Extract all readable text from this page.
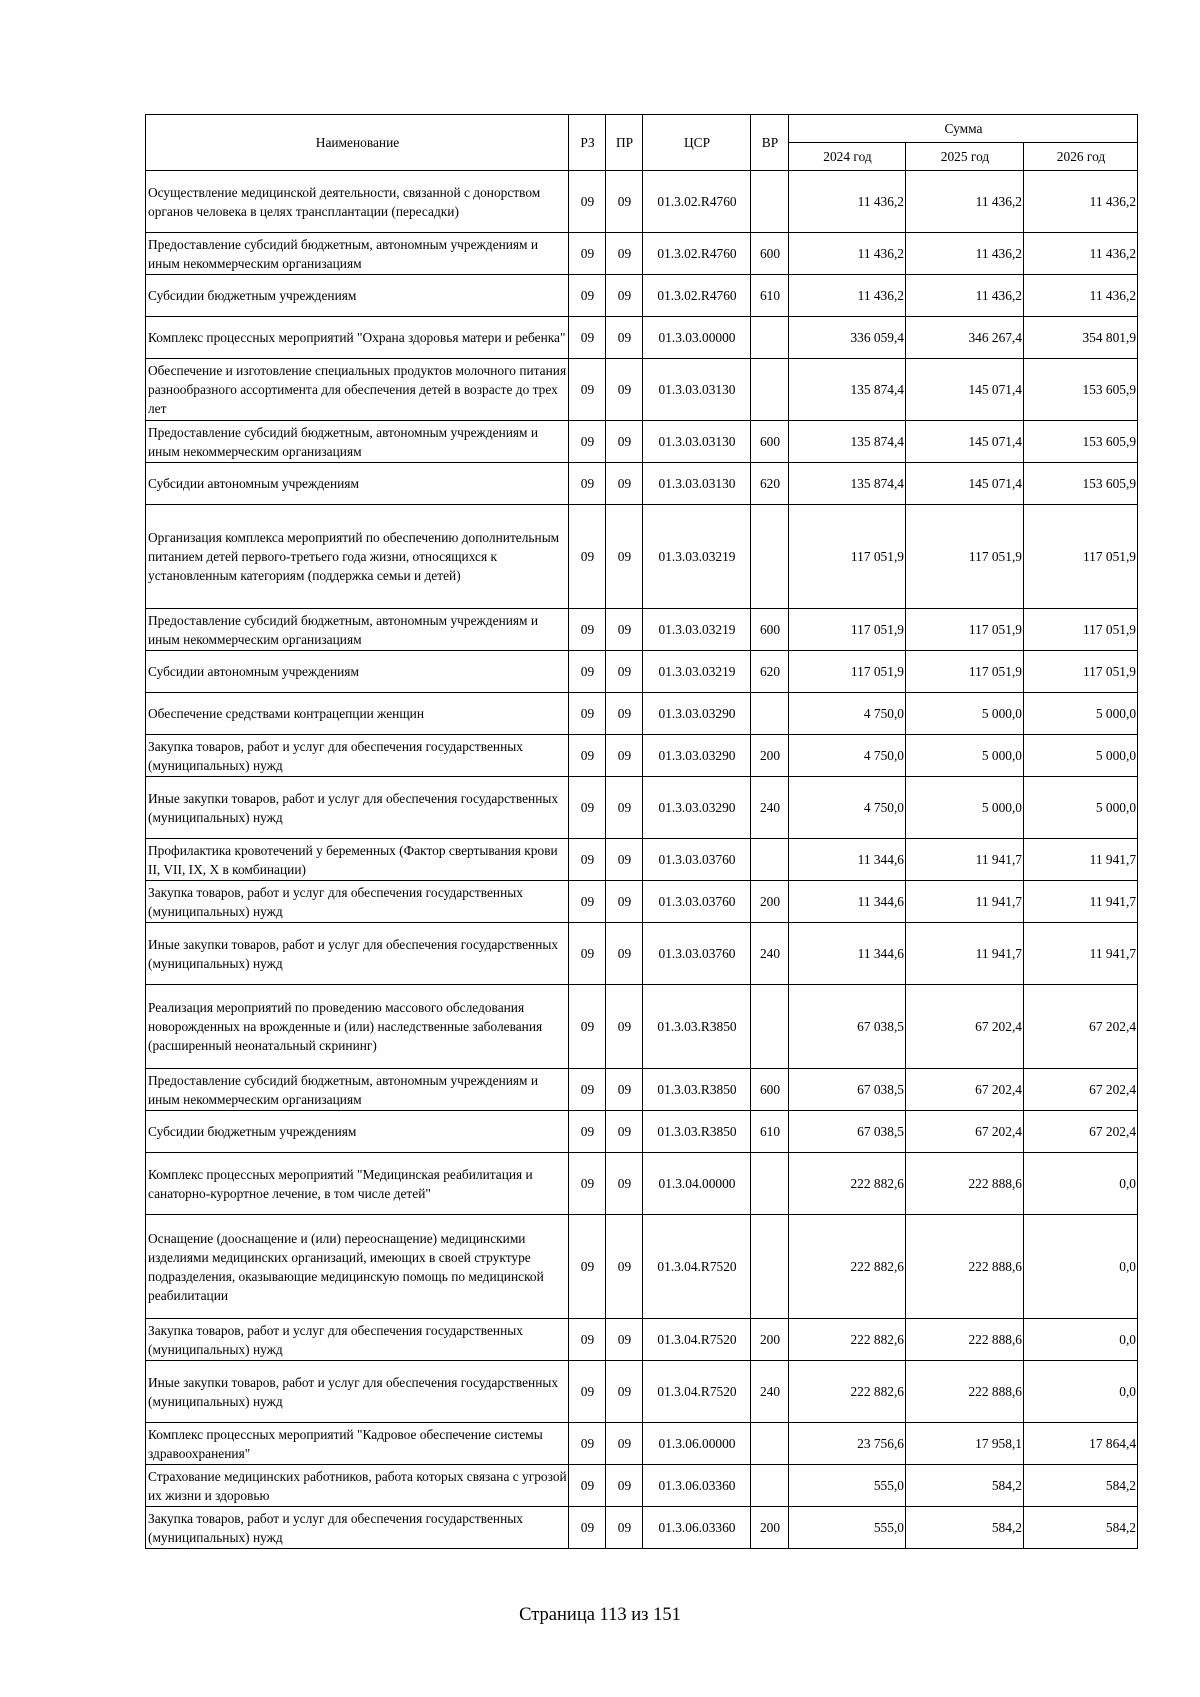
Наименование	РЗ	ПР	ЦСР	ВР	Сумма		
					2024 год	2025 год	2026 год
Осуществление медицинской деятельности, связанной с донорством органов человека в целях трансплантации (пересадки)	09	09	01.3.02.R4760		11 436,2	11 436,2	11 436,2
Предоставление субсидий бюджетным, автономным учреждениям и иным некоммерческим организациям	09	09	01.3.02.R4760	600	11 436,2	11 436,2	11 436,2
Субсидии бюджетным учреждениям	09	09	01.3.02.R4760	610	11 436,2	11 436,2	11 436,2
Комплекс процессных мероприятий "Охрана здоровья матери и ребенка"	09	09	01.3.03.00000		336 059,4	346 267,4	354 801,9
Обеспечение и изготовление специальных продуктов молочного питания разнообразного ассортимента для обеспечения детей в возрасте до трех лет	09	09	01.3.03.03130		135 874,4	145 071,4	153 605,9
Предоставление субсидий бюджетным, автономным учреждениям и иным некоммерческим организациям	09	09	01.3.03.03130	600	135 874,4	145 071,4	153 605,9
Субсидии автономным учреждениям	09	09	01.3.03.03130	620	135 874,4	145 071,4	153 605,9
Организация комплекса мероприятий по обеспечению дополнительным питанием детей первого-третьего года жизни, относящихся к установленным категориям (поддержка семьи и детей)	09	09	01.3.03.03219		117 051,9	117 051,9	117 051,9
Предоставление субсидий бюджетным, автономным учреждениям и иным некоммерческим организациям	09	09	01.3.03.03219	600	117 051,9	117 051,9	117 051,9
Субсидии автономным учреждениям	09	09	01.3.03.03219	620	117 051,9	117 051,9	117 051,9
Обеспечение средствами контрацепции женщин	09	09	01.3.03.03290		4 750,0	5 000,0	5 000,0
Закупка товаров, работ и услуг для обеспечения государственных (муниципальных) нужд	09	09	01.3.03.03290	200	4 750,0	5 000,0	5 000,0
Иные закупки товаров, работ и услуг для обеспечения государственных (муниципальных) нужд	09	09	01.3.03.03290	240	4 750,0	5 000,0	5 000,0
Профилактика кровотечений у беременных (Фактор свертывания крови II, VII, IX, X в комбинации)	09	09	01.3.03.03760		11 344,6	11 941,7	11 941,7
Закупка товаров, работ и услуг для обеспечения государственных (муниципальных) нужд	09	09	01.3.03.03760	200	11 344,6	11 941,7	11 941,7
Иные закупки товаров, работ и услуг для обеспечения государственных (муниципальных) нужд	09	09	01.3.03.03760	240	11 344,6	11 941,7	11 941,7
Реализация мероприятий по проведению массового обследования новорожденных на врожденные и (или) наследственные заболевания (расширенный неонатальный скрининг)	09	09	01.3.03.R3850		67 038,5	67 202,4	67 202,4
Предоставление субсидий бюджетным, автономным учреждениям и иным некоммерческим организациям	09	09	01.3.03.R3850	600	67 038,5	67 202,4	67 202,4
Субсидии бюджетным учреждениям	09	09	01.3.03.R3850	610	67 038,5	67 202,4	67 202,4
Комплекс процессных мероприятий "Медицинская реабилитация и санаторно-курортное лечение, в том числе детей"	09	09	01.3.04.00000		222 882,6	222 888,6	0,0
Оснащение (дооснащение и (или) переоснащение) медицинскими изделиями медицинских организаций, имеющих в своей структуре подразделения, оказывающие медицинскую помощь по медицинской реабилитации	09	09	01.3.04.R7520		222 882,6	222 888,6	0,0
Закупка товаров, работ и услуг для обеспечения государственных (муниципальных) нужд	09	09	01.3.04.R7520	200	222 882,6	222 888,6	0,0
Иные закупки товаров, работ и услуг для обеспечения государственных (муниципальных) нужд	09	09	01.3.04.R7520	240	222 882,6	222 888,6	0,0
Комплекс процессных мероприятий "Кадровое обеспечение системы здравоохранения"	09	09	01.3.06.00000		23 756,6	17 958,1	17 864,4
Страхование медицинских работников, работа которых связана с угрозой их жизни и здоровью	09	09	01.3.06.03360		555,0	584,2	584,2
Закупка товаров, работ и услуг для обеспечения государственных (муниципальных) нужд	09	09	01.3.06.03360	200	555,0	584,2	584,2
Страница 113 из 151
